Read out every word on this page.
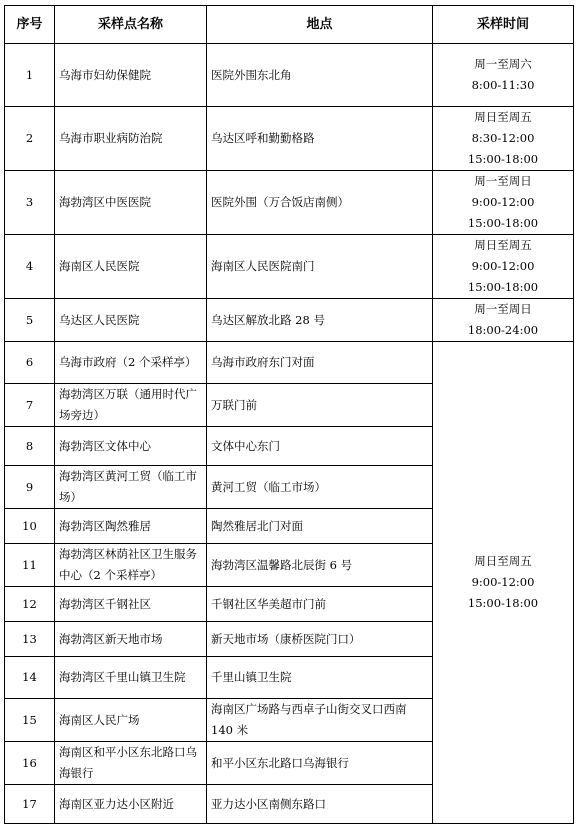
序号	采样点名称	地点	采样时间
1	乌海市妇幼保健院	医院外围东北角	周一至周六
8:00-11:30

2	乌海市职业病防治院	乌达区呼和勤勤格路	周日至周五
8:30-12:00
15:00-18:00

3	海勃湾区中医医院	医院外围（万合饭店南侧）	周一至周日
9:00-12:00
15:00-18:00

4	海南区人民医院	海南区人民医院南门	周日至周五
9:00-12:00
15:00-18:00

5	乌达区人民医院	乌达区解放北路 28 号	周一至周日
18:00-24:00

6	乌海市政府（2 个采样亭）	乌海市政府东门对面	周日至周五
9:00-12:00
15:00-18:00

7	海勃湾区万联（通用时代广场旁边）	万联门前	
8	海勃湾区文体中心	文体中心东门	
9	海勃湾区黄河工贸（临工市场）	黄河工贸（临工市场）	
10	海勃湾区陶然雅居	陶然雅居北门对面	
11	海勃湾区林荫社区卫生服务中心（2 个采样亭）	海勃湾区温馨路北辰街 6 号	
12	海勃湾区千钢社区	千钢社区华美超市门前	
13	海勃湾区新天地市场	新天地市场（康桥医院门口）	
14	海勃湾区千里山镇卫生院	千里山镇卫生院	
15	海南区人民广场	海南区广场路与西卓子山街交叉口西南 140 米	
16	海南区和平小区东北路口乌海银行	和平小区东北路口乌海银行	
17	海南区亚力达小区附近	亚力达小区南侧东路口	
